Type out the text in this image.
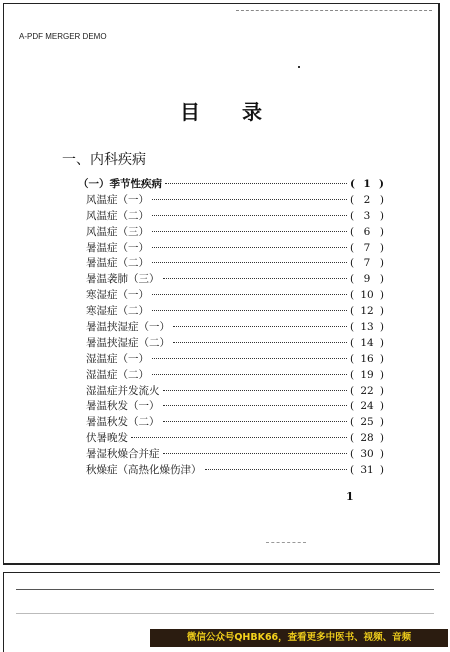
A-PDF MERGER DEMO
目录
一、内科疾病
（一）季节性疾病	( 1 )
风温症（一）	( 2 )
风温症（二）	( 3 )
风温症（三）	( 6 )
暑温症（一）	( 7 )
暑温症（二）	( 7 )
暑温袭肺（三）	( 9 )
寒湿症（一）	( 10 )
寒湿症（二）	( 12 )
暑温挟湿症（一）	( 13 )
暑温挟湿症（二）	( 14 )
湿温症（一）	( 16 )
湿温症（二）	( 19 )
湿温症并发流火	( 22 )
暑温秋发（一）	( 24 )
暑温秋发（二）	( 25 )
伏暑晚发	( 28 )
暑湿秋燥合并症	( 30 )
秋燥症（高热化燥伤津）	( 31 )
1
微信公众号QHBK66，查看更多中医书、视频、音频
